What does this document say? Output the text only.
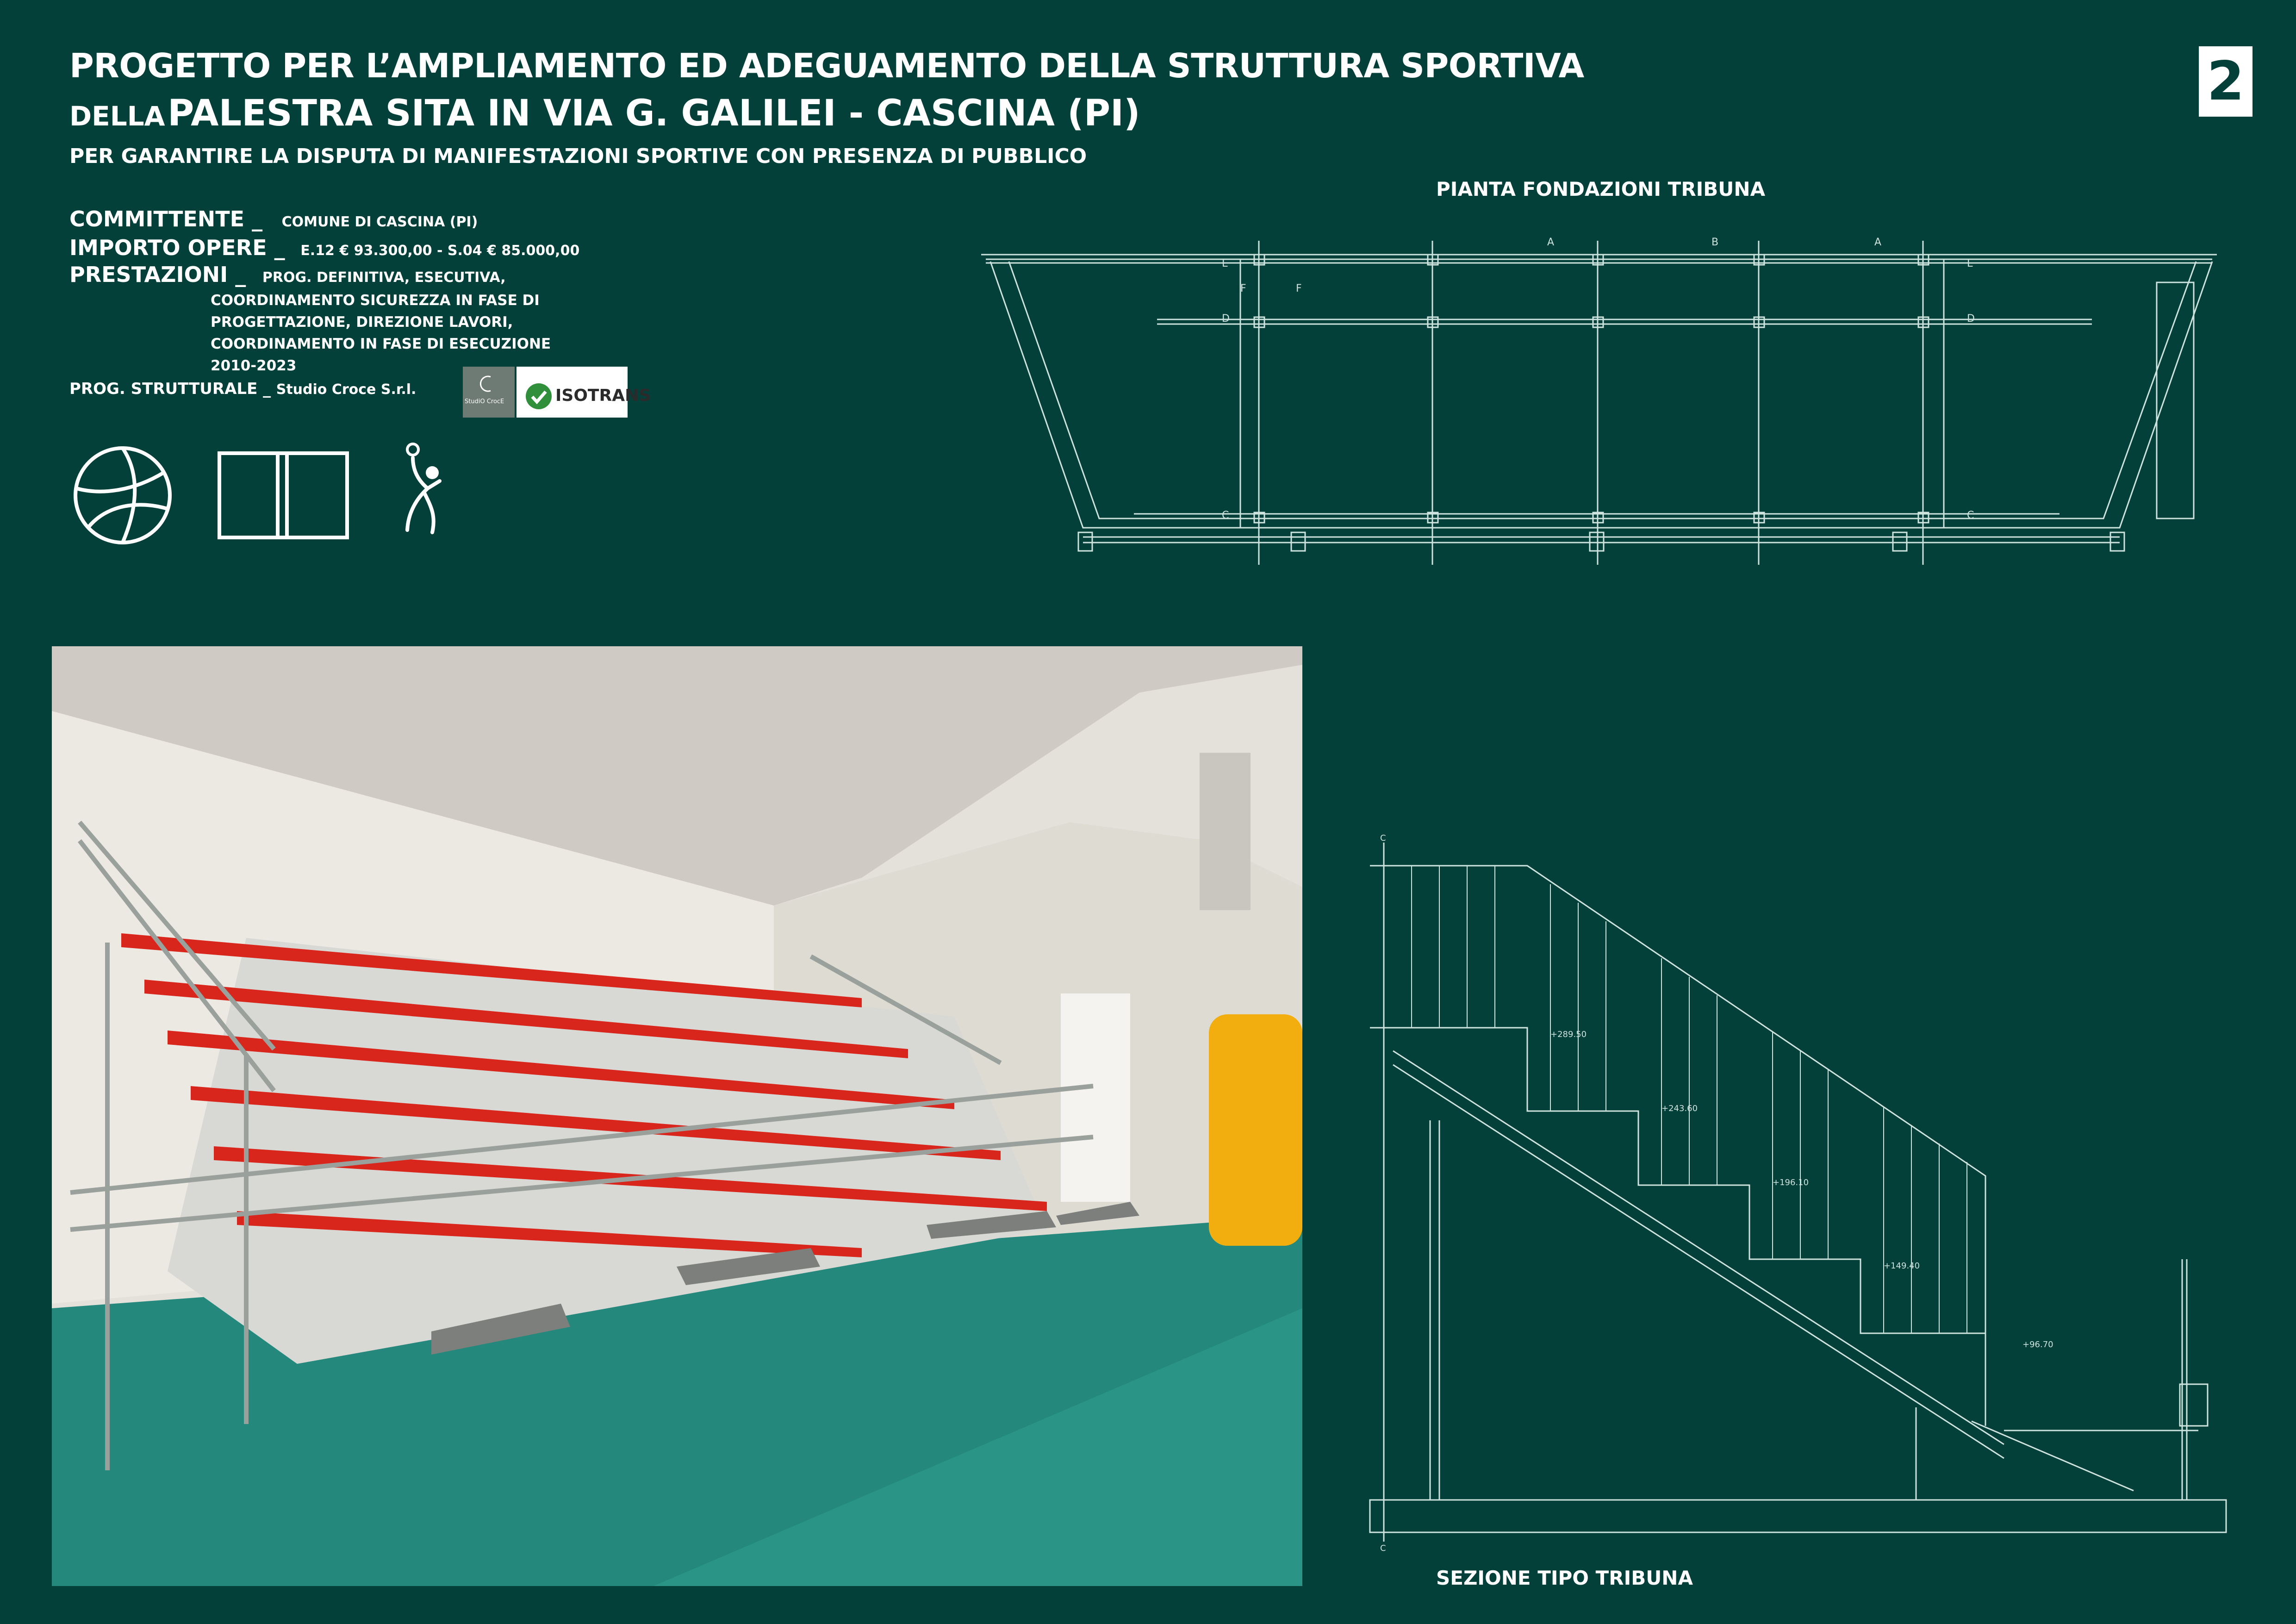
PROGETTO PER L’AMPLIAMENTO ED ADEGUAMENTO DELLA STRUTTURA SPORTIVA
DELLA PALESTRA SITA IN VIA G. GALILEI - CASCINA (PI)
PER GARANTIRE LA DISPUTA DI MANIFESTAZIONI SPORTIVE CON PRESENZA DI PUBBLICO
2
COMMITTENTE _ COMUNE DI CASCINA (PI)
IMPORTO OPERE _ E.12 € 93.300,00 - S.04 € 85.000,00
PRESTAZIONI _ PROG. DEFINITIVA, ESECUTIVA,
COORDINAMENTO SICUREZZA IN FASE DI
PROGETTAZIONE, DIREZIONE LAVORI,
COORDINAMENTO IN FASE DI ESECUZIONE
2010-2023
PROG. STRUTTURALE _ Studio Croce S.r.l.
StudiO CrocE	ISOTRANS
PIANTA FONDAZIONI TRIBUNA
A	B	A
C	C
D	D
E	E
F	F
+289.50
+243.60
+196.10
+149.40
+96.70
C
C
SEZIONE TIPO TRIBUNA
